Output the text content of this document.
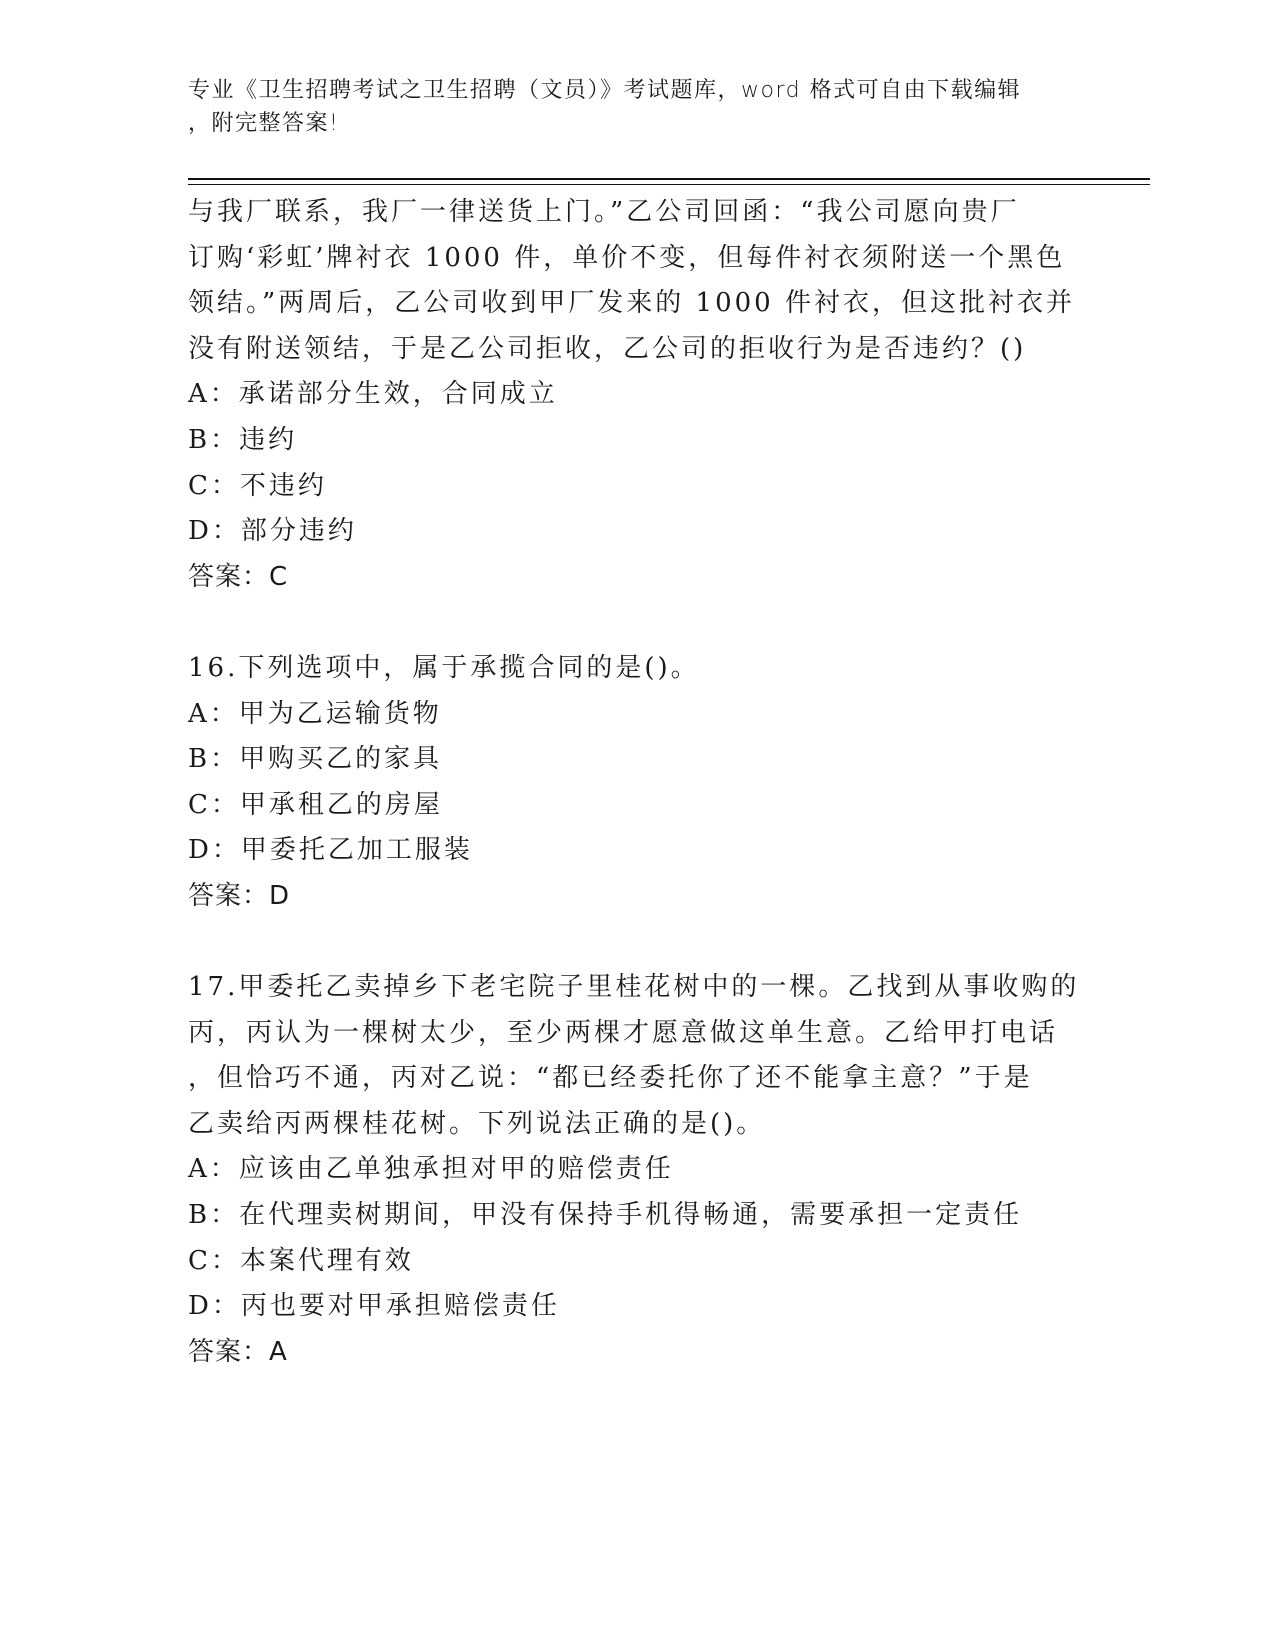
专业《卫生招聘考试之卫生招聘（文员）》考试题库，word 格式可自由下载编辑
，附完整答案!
与我厂联系，我厂一律送货上门。”乙公司回函：“我公司愿向贵厂
订购‘彩虹’牌衬衣 1000 件，单价不变，但每件衬衣须附送一个黑色
领结。”两周后，乙公司收到甲厂发来的 1000 件衬衣，但这批衬衣并
没有附送领结，于是乙公司拒收，乙公司的拒收行为是否违约？()
A：承诺部分生效，合同成立
B：违约
C：不违约
D：部分违约
答案：C
16.下列选项中，属于承揽合同的是()。
A：甲为乙运输货物
B：甲购买乙的家具
C：甲承租乙的房屋
D：甲委托乙加工服装
答案：D
17.甲委托乙卖掉乡下老宅院子里桂花树中的一棵。乙找到从事收购的
丙，丙认为一棵树太少，至少两棵才愿意做这单生意。乙给甲打电话
，但恰巧不通，丙对乙说：“都已经委托你了还不能拿主意？”于是
乙卖给丙两棵桂花树。下列说法正确的是()。
A：应该由乙单独承担对甲的赔偿责任
B：在代理卖树期间，甲没有保持手机得畅通，需要承担一定责任
C：本案代理有效
D：丙也要对甲承担赔偿责任
答案：A
